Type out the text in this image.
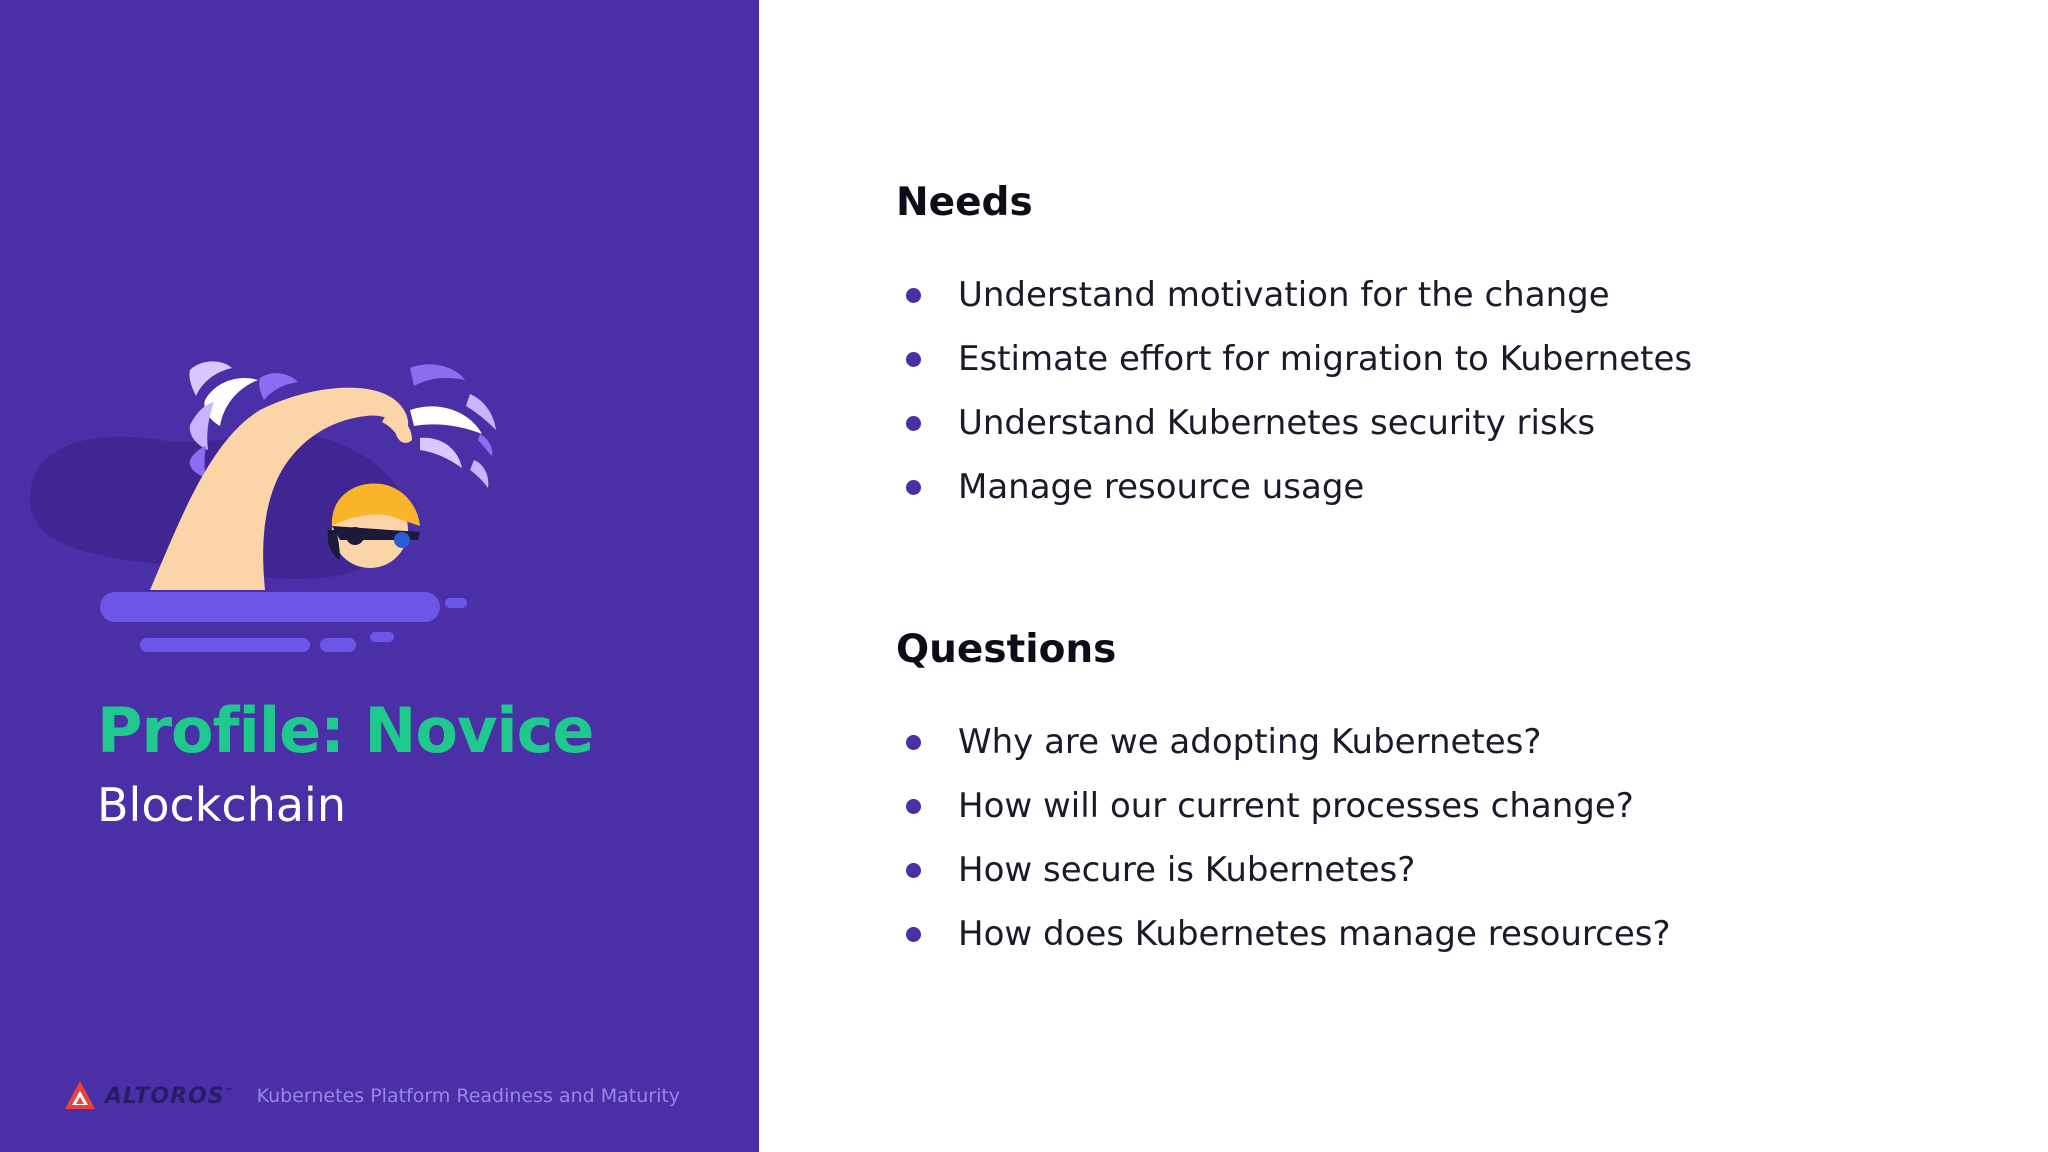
Profile: Novice

Blockchain

ALTOROS™ Kubernetes Platform Readiness and Maturity
Needs
Understand motivation for the change
Estimate effort for migration to Kubernetes
Understand Kubernetes security risks
Manage resource usage
Questions
Why are we adopting Kubernetes?
How will our current processes change?
How secure is Kubernetes?
How does Kubernetes manage resources?
